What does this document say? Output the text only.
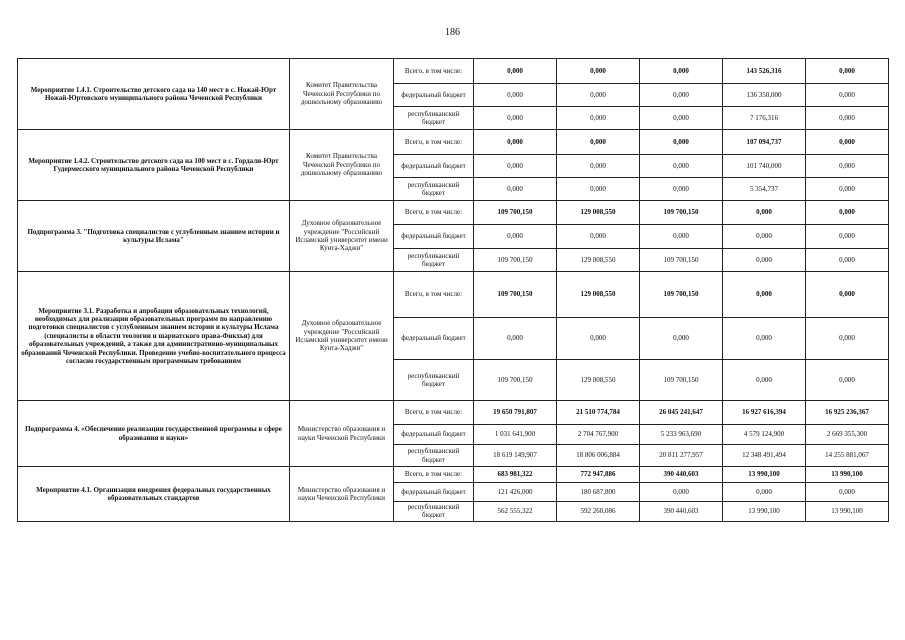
186
Мероприятие 1.4.1. Строительство детского сада на 140 мест в с. Ножай-Юрт Ножай-Юртовского муниципального района Чеченской Республики	Комитет Правительства Чеченской Республики по дошкольному образованию	Всего, в том числе:	0,000	0,000	0,000	143 526,316	0,000
		федеральный бюджет	0,000	0,000	0,000	136 350,000	0,000
		республиканский бюджет	0,000	0,000	0,000	7 176,316	0,000
Мероприятие 1.4.2. Строительство детского сада на 100 мест в с. Гордали-Юрт Гудермесского муниципального района Чеченской Республики	Комитет Правительства Чеченской Республики по дошкольному образованию	Всего, в том числе:	0,000	0,000	0,000	107 094,737	0,000
		федеральный бюджет	0,000	0,000	0,000	101 740,000	0,000
		республиканский бюджет	0,000	0,000	0,000	5 354,737	0,000
Подпрограмма 3. "Подготовка специалистов с углубленным знанием истории и культуры Ислама"	Духовное образовательное учреждение "Российский Исламский университет имени Кунта-Хаджи"	Всего, в том числе:	109 700,150	129 008,550	109 700,150	0,000	0,000
		федеральный бюджет	0,000	0,000	0,000	0,000	0,000
		республиканский бюджет	109 700,150	129 008,550	109 700,150	0,000	0,000
Мероприятие 3.1. Разработка и апробация образовательных технологий, необходимых для реализации образовательных программ по направлению подготовки специалистов с углубленным знанием истории и культуры Ислама (специалисты в области теологии и шариатского права-Фикхья) для образовательных учреждений, а также для административно-муниципальных образований Чеченской Республики. Проведение учебно-воспитательного процесса согласно государственным программным требованиям	Духовное образовательное учреждение "Российский Исламский университет имени Кунта-Хаджи"	Всего, в том числе:	109 700,150	129 008,550	109 700,150	0,000	0,000
		федеральный бюджет	0,000	0,000	0,000	0,000	0,000
		республиканский бюджет	109 700,150	129 008,550	109 700,150	0,000	0,000
Подпрограмма 4. «Обеспечение реализации государственной программы в сфере образования и науки»	Министерство образования и науки Чеченской Республики	Всего, в том числе:	19 650 791,807	21 510 774,784	26 045 241,647	16 927 616,394	16 925 236,367
		федеральный бюджет	1 031 641,900	2 704 767,900	5 233 963,690	4 579 124,900	2 669 355,300
		республиканский бюджет	18 619 149,907	18 806 006,884	20 811 277,957	12 348 491,494	14 255 881,067
Мероприятие 4.1. Организация внедрения федеральных государственных образовательных стандартов	Министерство образования и науки Чеченской Республики	Всего, в том числе:	683 981,322	772 947,886	390 440,603	13 990,100	13 990,100
		федеральный бюджет	121 426,000	180 687,800	0,000	0,000	0,000
		республиканский бюджет	562 555,322	592 260,086	390 440,603	13 990,100	13 990,100
